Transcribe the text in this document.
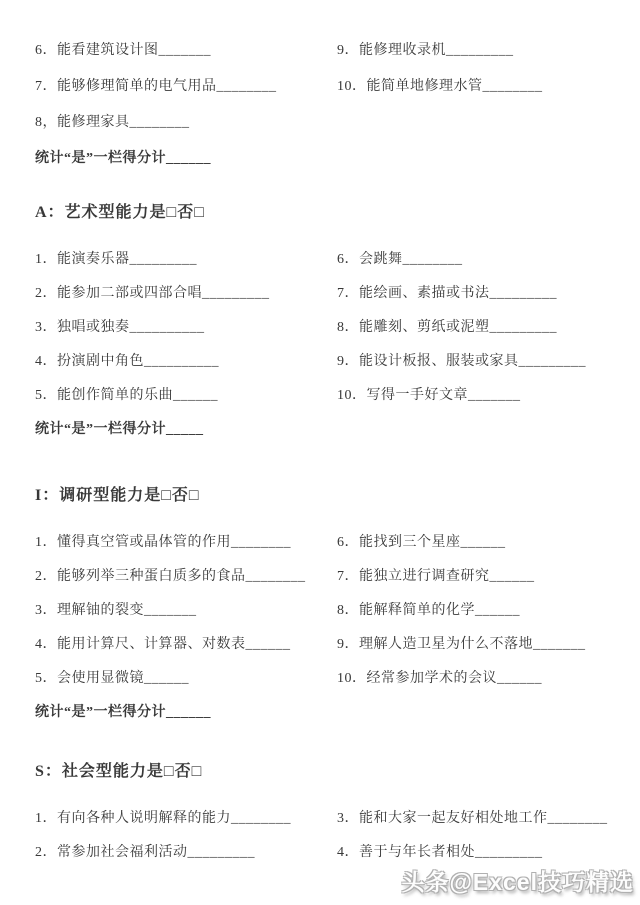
6．能看建筑设计图_______	9．能修理收录机_________
7．能够修理简单的电气用品________	10．能简单地修理水管________
8，能修理家具________
统计“是”一栏得分计______
A：艺术型能力是□否□
1．能演奏乐器_________	6．会跳舞________
2．能参加二部或四部合唱_________	7．能绘画、素描或书法_________
3．独唱或独奏__________	8．能雕刻、剪纸或泥塑_________
4．扮演剧中角色__________	9．能设计板报、服装或家具_________
5．能创作简单的乐曲______	10．写得一手好文章_______
统计“是”一栏得分计_____
I：调研型能力是□否□
1．懂得真空管或晶体管的作用________	6．能找到三个星座______
2．能够列举三种蛋白质多的食品________	7．能独立进行调查研究______
3．理解铀的裂变_______	8．能解释简单的化学______
4．能用计算尺、计算器、对数表______	9．理解人造卫星为什么不落地_______
5．会使用显微镜______	10．经常参加学术的会议______
统计“是”一栏得分计______
S：社会型能力是□否□
1．有向各种人说明解释的能力________	3．能和大家一起友好相处地工作________
2．常参加社会福利活动_________	4．善于与年长者相处_________
头条@Excel技巧精选
